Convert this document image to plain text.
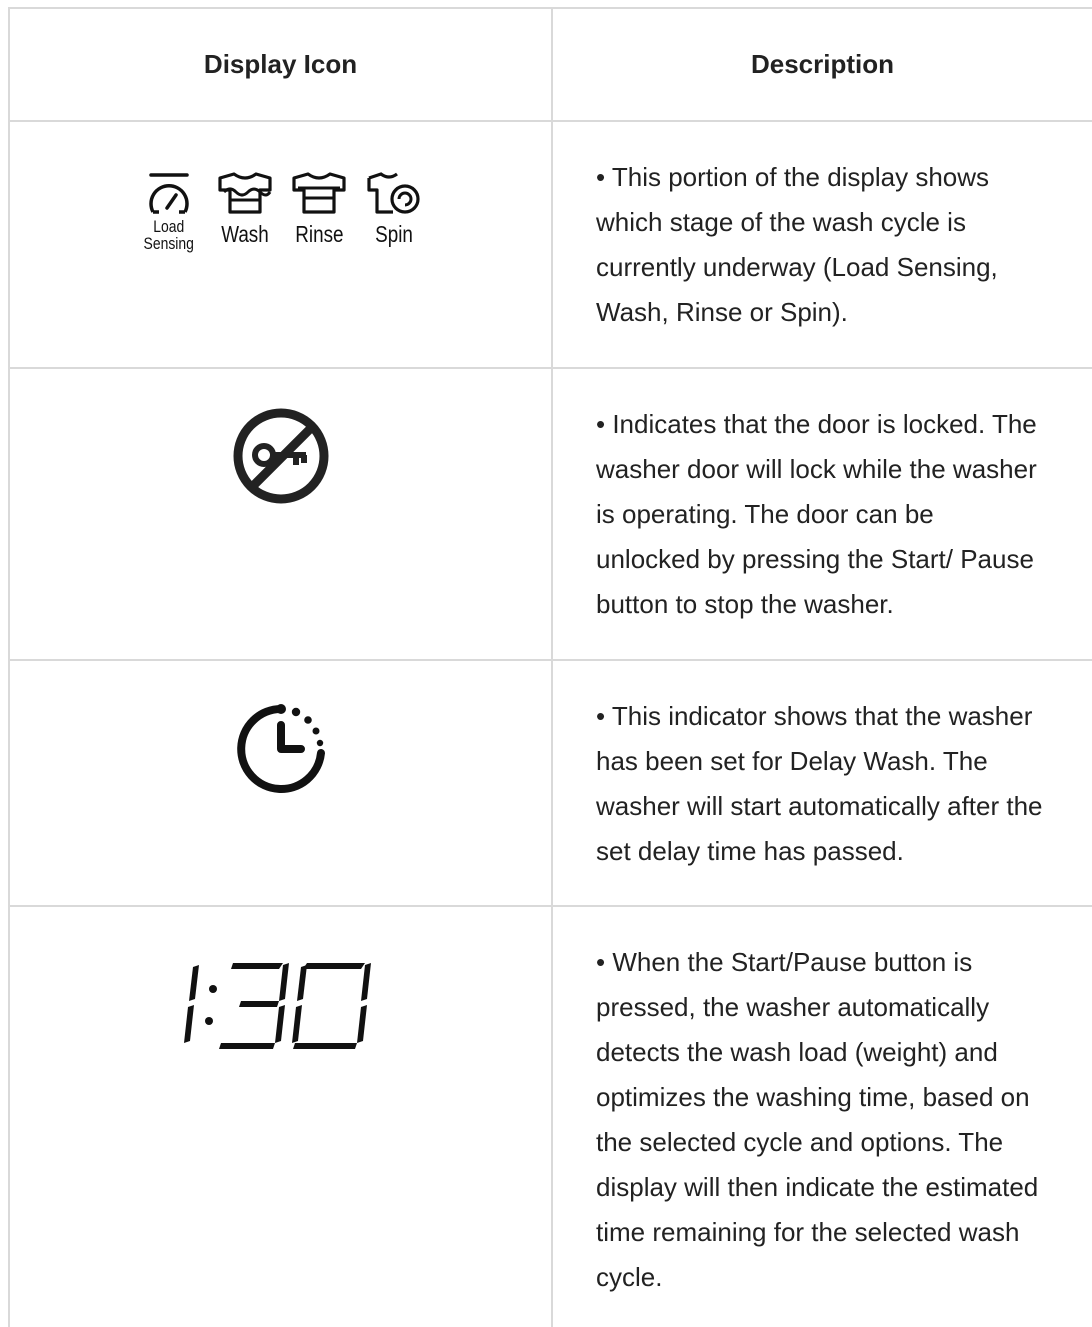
Display Icon	Description
Load
Sensing Wash Rinse Spin
• This portion of the display shows
which stage of the wash cycle is
currently underway (Load Sensing,
Wash, Rinse or Spin).
• Indicates that the door is locked. The
washer door will lock while the washer
is operating. The door can be
unlocked by pressing the Start/ Pause
button to stop the washer.
• This indicator shows that the washer
has been set for Delay Wash. The
washer will start automatically after the
set delay time has passed.
• When the Start/Pause button is
pressed, the washer automatically
detects the wash load (weight) and
optimizes the washing time, based on
the selected cycle and options. The
display will then indicate the estimated
time remaining for the selected wash
cycle.
